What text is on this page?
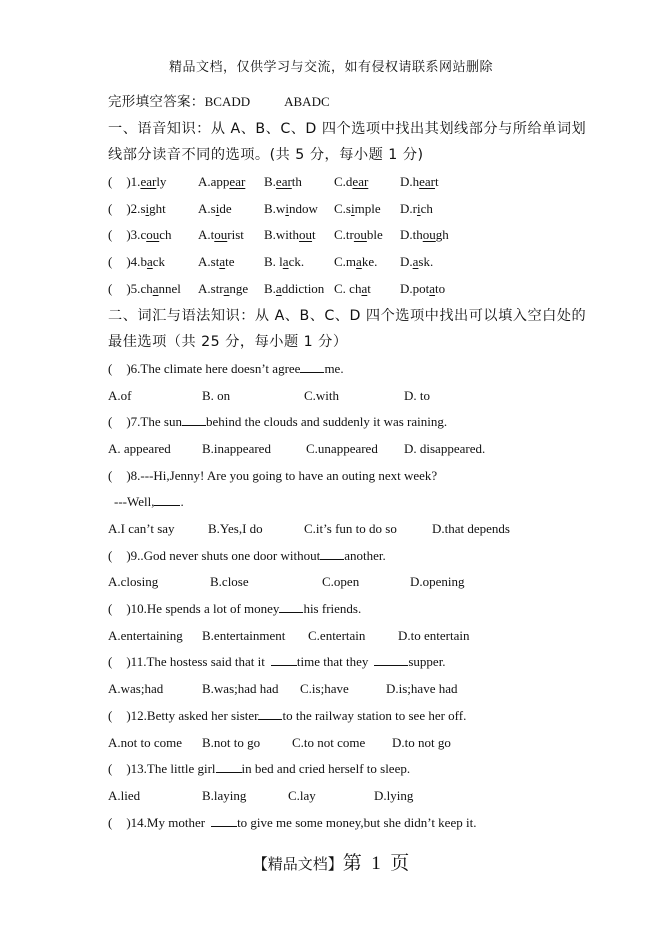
精品文档，仅供学习与交流，如有侵权请联系网站删除
完形填空答案：BCADD	ABADC
一、语音知识：从 A、B、C、D 四个选项中找出其划线部分与所给单词划
线部分读音不同的选项。(共 5 分，每小题 1 分)
( )1.early A.appear B.earth C.dear D.heart
( )2.sight A.side B.window C.simple D.rich
( )3.couch A.tourist B.without C.trouble D.though
( )4.back	A.state B. lack. C.make. D.ask.
( )5.channel A.strange B.addiction C. chat D.potato
二、词汇与语法知识：从 A、B、C、D 四个选项中找出可以填入空白处的
最佳选项（共 25 分，每小题 1 分）
( )6.The climate here doesn’t agree me.
A.of	B. on	C.with	D. to
( )7.The sun behind the clouds and suddenly it was raining.
A. appeared B.inappeared	C.unappeared D. disappeared.
( )8.---Hi,Jenny! Are you going to have an outing next week?
---Well, .
A.I can’t say	B.Yes,I do	C.it’s fun to do so	D.that depends
( )9..God never shuts one door without another.
A.closing	B.close	C.open	D.opening
( )10.He spends a lot of money his friends.
A.entertaining B.entertainment C.entertain	D.to entertain
( )11.The hostess said that it time that they	supper.
A.was;had	B.was;had had C.is;have	D.is;have had
( )12.Betty asked her sister to the railway station to see her off.
A.not to come B.not to go C.to not come D.to not go
( )13.The little girl in bed and cried herself to sleep.
A.lied	B.laying	C.lay	D.lying
( )14.My mother to give me some money,but she didn’t keep it.
【精品文档】第  1  页
